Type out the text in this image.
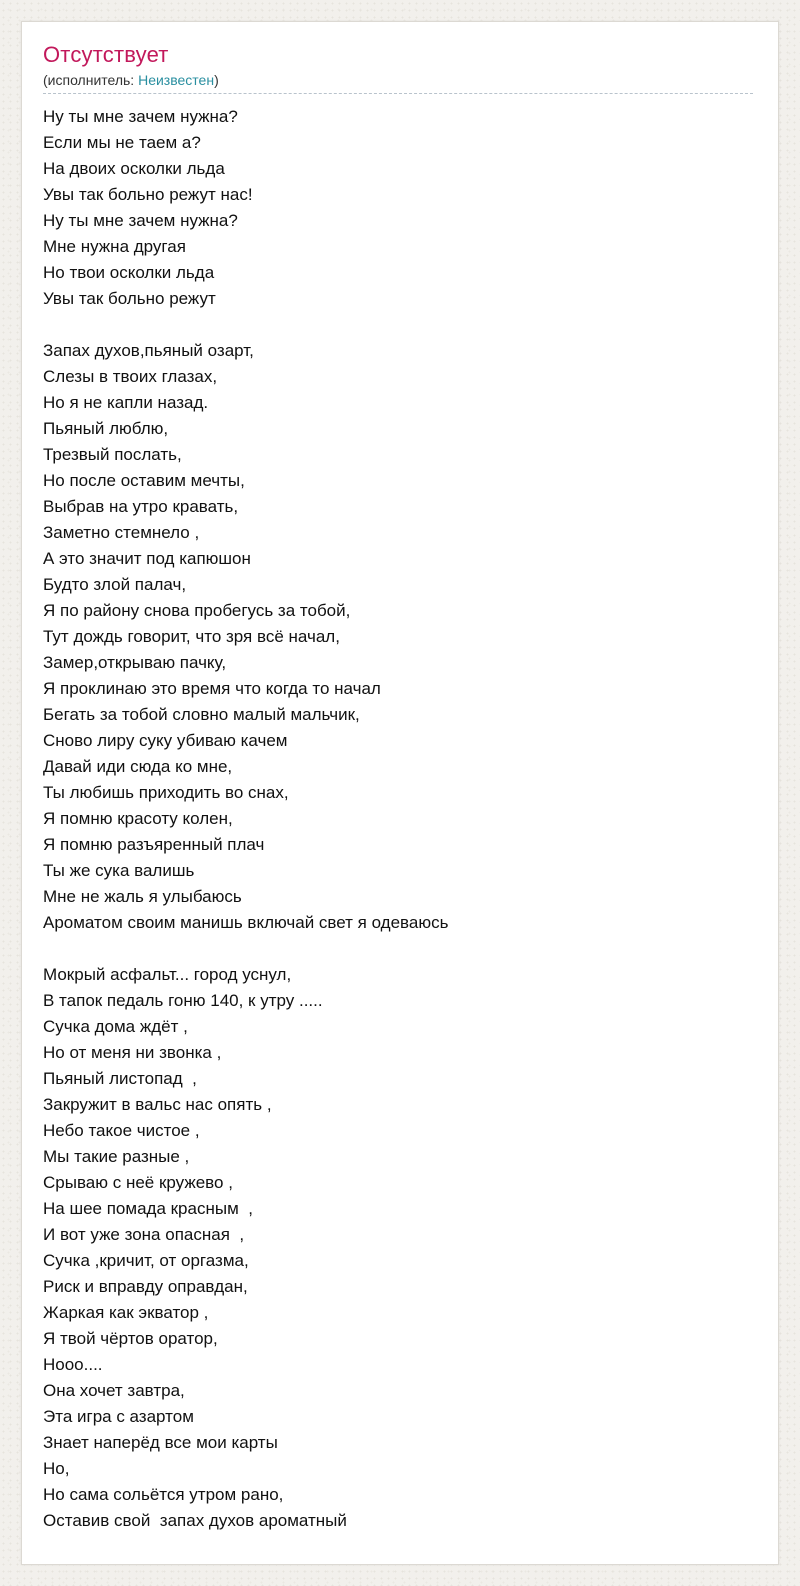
Отсутствует
(исполнитель: Неизвестен)
Ну ты мне зачем нужна?
Если мы не таем а?
На двоих осколки льда
Увы так больно режут нас!
Ну ты мне зачем нужна?
Мне нужна другая
Но твои осколки льда
Увы так больно режут
Запах духов,пьяный озарт,
Слезы в твоих глазах,
Но я не капли назад.
Пьяный люблю,
Трезвый послать,
Но после оставим мечты,
Выбрав на утро кравать,
Заметно стемнело ,
А это значит под капюшон
Будто злой палач,
Я по району снова пробегусь за тобой,
Тут дождь говорит, что зря всё начал,
Замер,открываю пачку,
Я проклинаю это время что когда то начал
Бегать за тобой словно малый мальчик,
Сново лиру суку убиваю качем
Давай иди сюда ко мне,
Ты любишь приходить во снах,
Я помню красоту колен,
Я помню разъяренный плач
Ты же сука валишь
Мне не жаль я улыбаюсь
Ароматом своим манишь включай свет я одеваюсь
Мокрый асфальт... город уснул,
В тапок педаль гоню 140, к утру .....
Сучка дома ждёт ,
Но от меня ни звонка ,
Пьяный листопад  ,
Закружит в вальс нас опять ,
Небо такое чистое ,
Мы такие разные ,
Срываю с неё кружево ,
На шее помада красным  ,
И вот уже зона опасная  ,
Сучка ,кричит, от оргазма,
Риск и вправду оправдан,
Жаркая как экватор ,
Я твой чёртов оратор,
Нооо....
Она хочет завтра,
Эта игра с азартом
Знает наперёд все мои карты
Но,
Но сама сольётся утром рано,
Оставив свой  запах духов ароматный
